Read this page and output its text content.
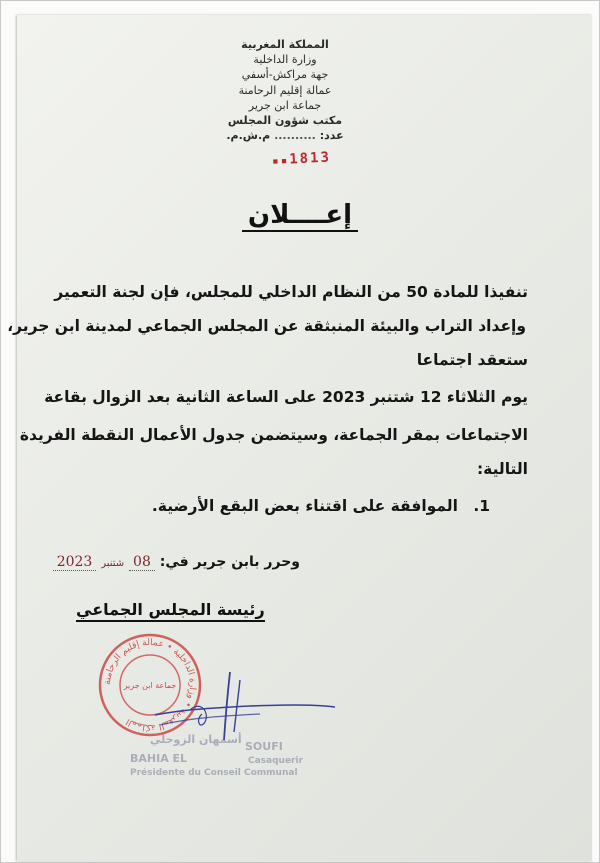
المملكة المغربية
وزارة الداخلية
جهة مراكش-أسفي
عمالة إقليم الرحامنة
جماعة ابن جرير
مكتب شؤون المجلس
عدد: .......... م.ش.م.
▪▪1813
إعــــلان
تنفيذا للمادة 50 من النظام الداخلي للمجلس، فإن لجنة التعمير
وإعداد التراب والبيئة المنبثقة عن المجلس الجماعي لمدينة ابن جرير،
ستعقد اجتماعا
يوم الثلاثاء 12 شتنبر 2023 على الساعة الثانية بعد الزوال بقاعة
الاجتماعات بمقر الجماعة، وسيتضمن جدول الأعمال النقطة الفريدة
التالية:
1. الموافقة على اقتناء بعض البقع الأرضية.
وحرر بابن جرير في: 08 شتنبر 2023
رئيسة المجلس الجماعي
المملكة المغربية • وزارة الداخلية • عمالة إقليم الرحامنة
جماعة ابن جرير
أسمهان الزوحلي
SOUFI
BAHIA EL
Présidente du Conseil Communal
Casaquerir
